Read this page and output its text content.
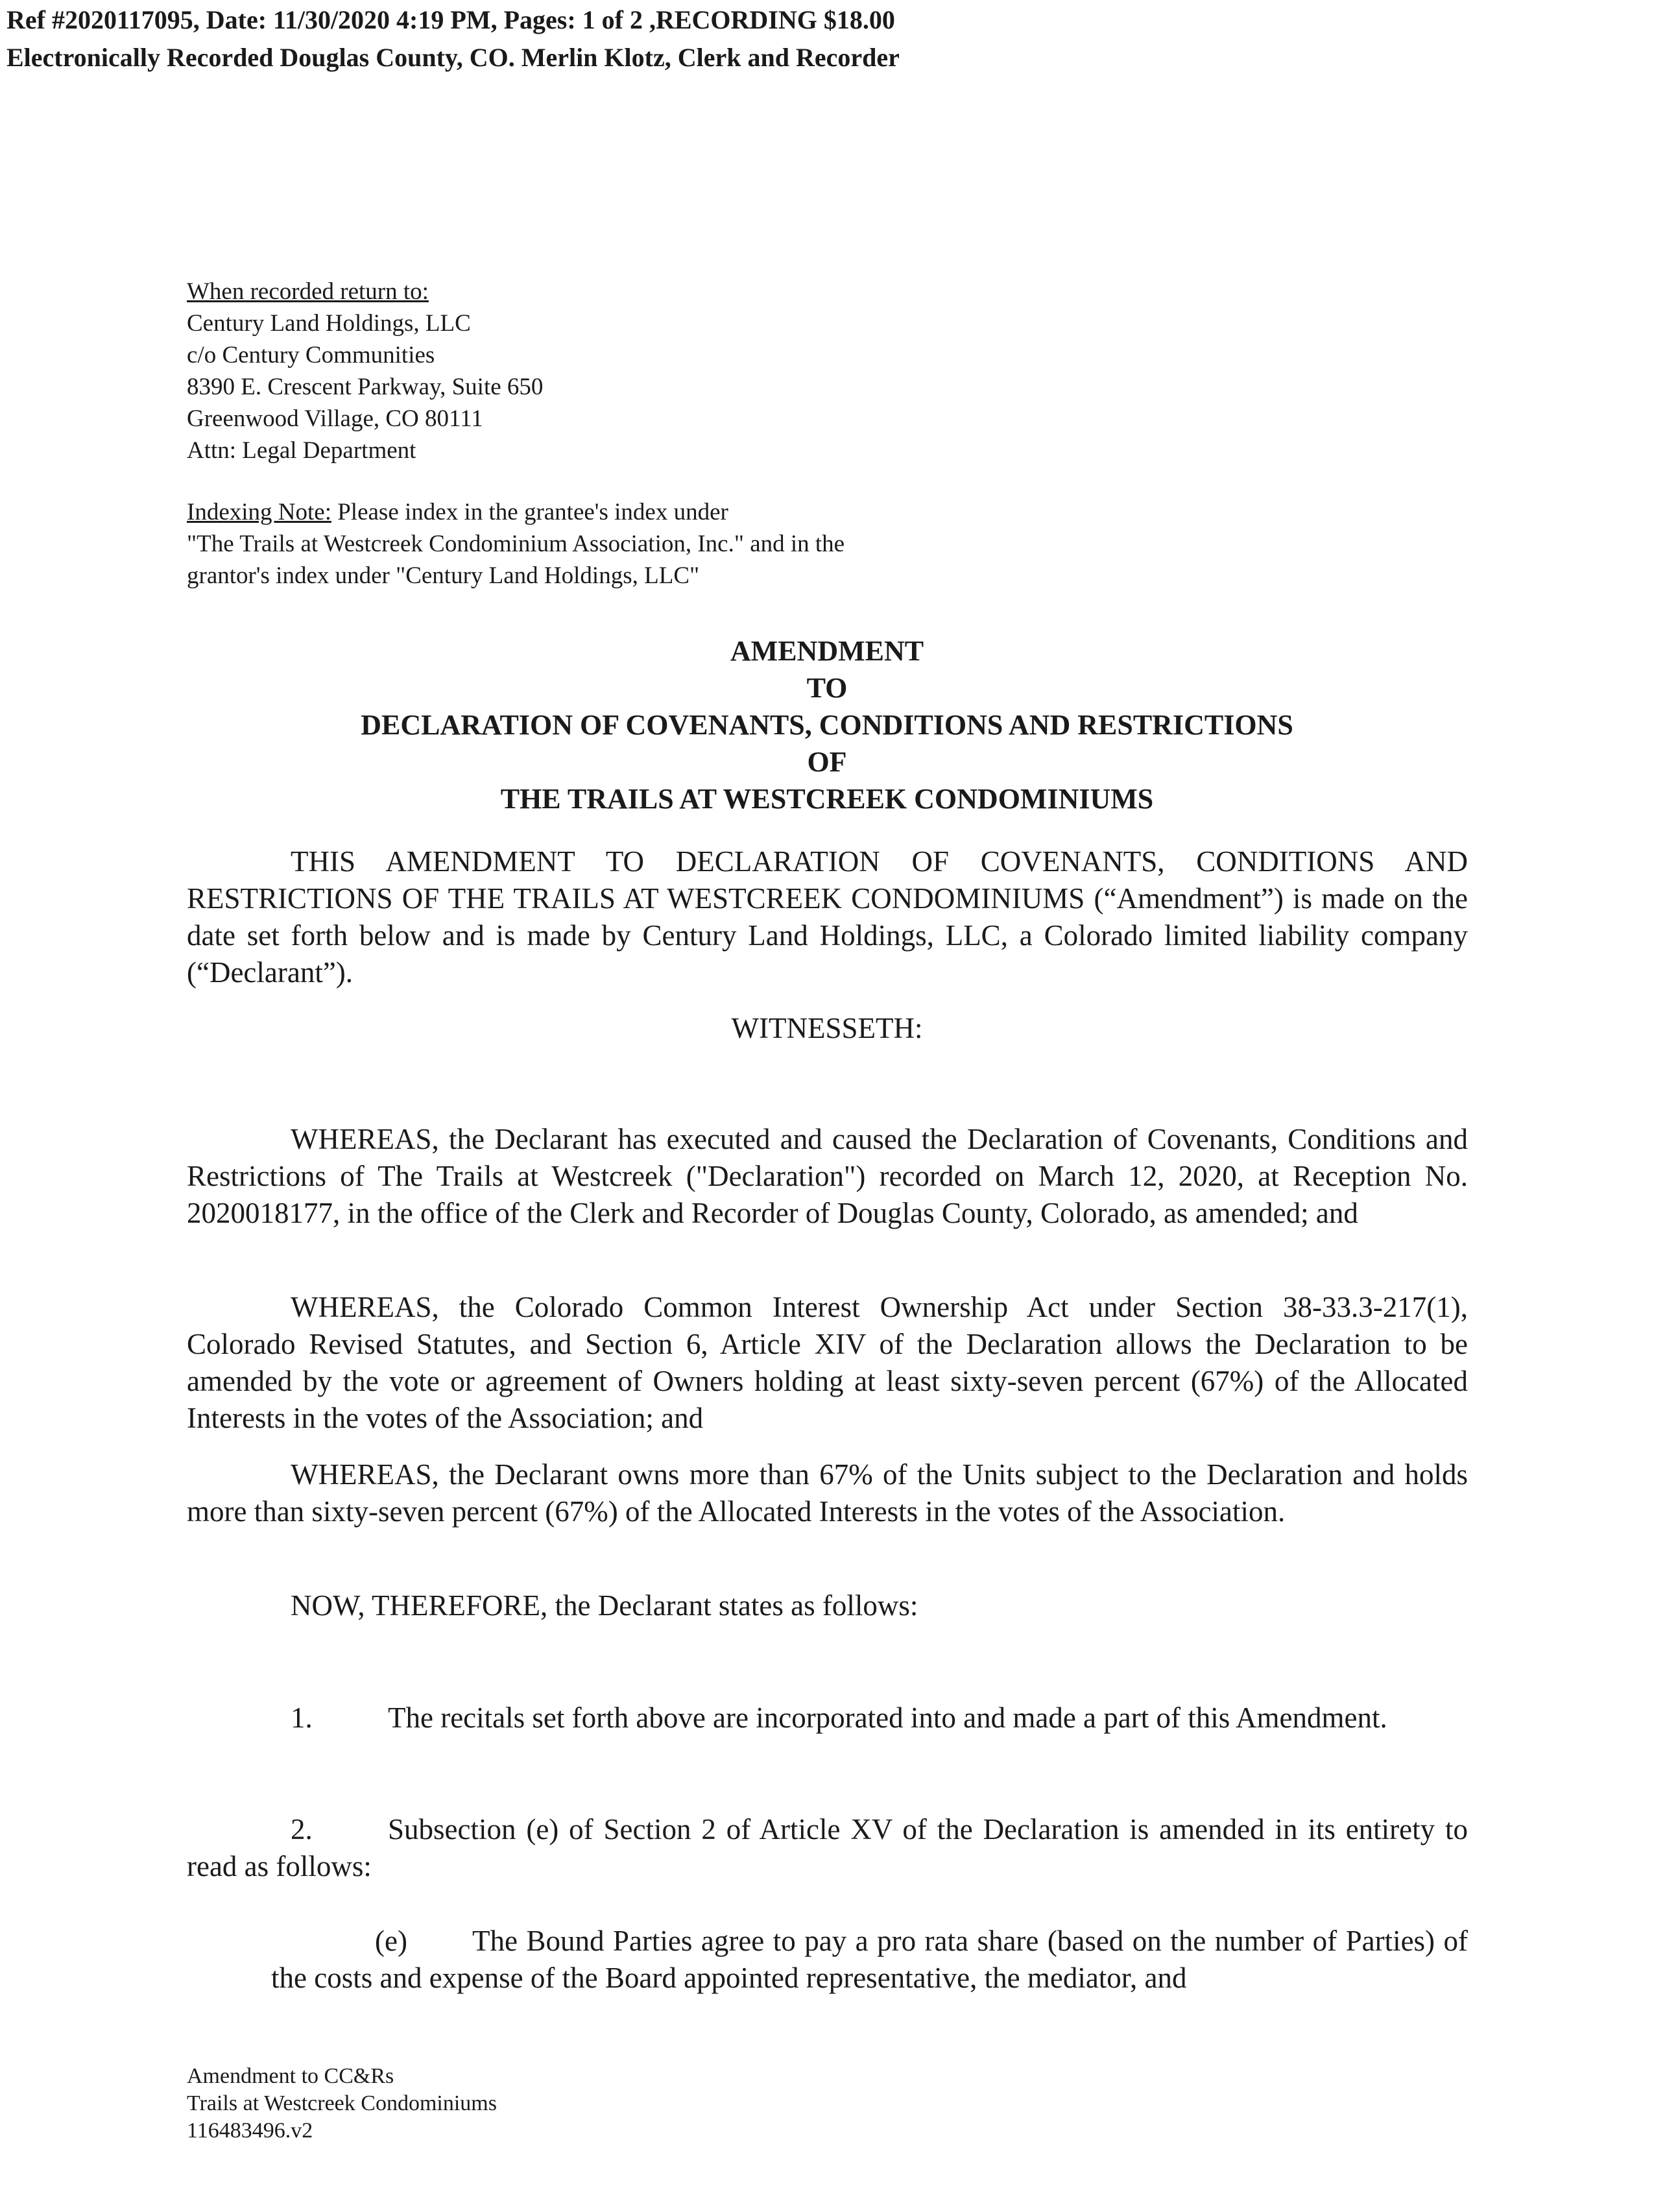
Ref #2020117095, Date: 11/30/2020 4:19 PM, Pages: 1 of 2 ,RECORDING $18.00
Electronically Recorded Douglas County, CO. Merlin Klotz, Clerk and Recorder
When recorded return to:
Century Land Holdings, LLC
c/o Century Communities
8390 E. Crescent Parkway, Suite 650
Greenwood Village, CO 80111
Attn: Legal Department
Indexing Note: Please index in the grantee's index under
"The Trails at Westcreek Condominium Association, Inc." and in the
grantor's index under "Century Land Holdings, LLC"
AMENDMENT
TO
DECLARATION OF COVENANTS, CONDITIONS AND RESTRICTIONS
OF
THE TRAILS AT WESTCREEK CONDOMINIUMS
THIS AMENDMENT TO DECLARATION OF COVENANTS, CONDITIONS AND RESTRICTIONS OF THE TRAILS AT WESTCREEK CONDOMINIUMS (“Amendment”) is made on the date set forth below and is made by Century Land Holdings, LLC, a Colorado limited liability company (“Declarant”).
WITNESSETH:
WHEREAS, the Declarant has executed and caused the Declaration of Covenants, Conditions and Restrictions of The Trails at Westcreek ("Declaration") recorded on March 12, 2020, at Reception No. 2020018177, in the office of the Clerk and Recorder of Douglas County, Colorado, as amended; and
WHEREAS, the Colorado Common Interest Ownership Act under Section 38-33.3-217(1), Colorado Revised Statutes, and Section 6, Article XIV of the Declaration allows the Declaration to be amended by the vote or agreement of Owners holding at least sixty-seven percent (67%) of the Allocated Interests in the votes of the Association; and
WHEREAS, the Declarant owns more than 67% of the Units subject to the Declaration and holds more than sixty-seven percent (67%) of the Allocated Interests in the votes of the Association.
NOW, THEREFORE, the Declarant states as follows:
1.	The recitals set forth above are incorporated into and made a part of this Amendment.
2.	Subsection (e) of Section 2 of Article XV of the Declaration is amended in its entirety to read as follows:
(e) The Bound Parties agree to pay a pro rata share (based on the number of Parties) of the costs and expense of the Board appointed representative, the mediator, and
Amendment to CC&Rs
Trails at Westcreek Condominiums
116483496.v2
